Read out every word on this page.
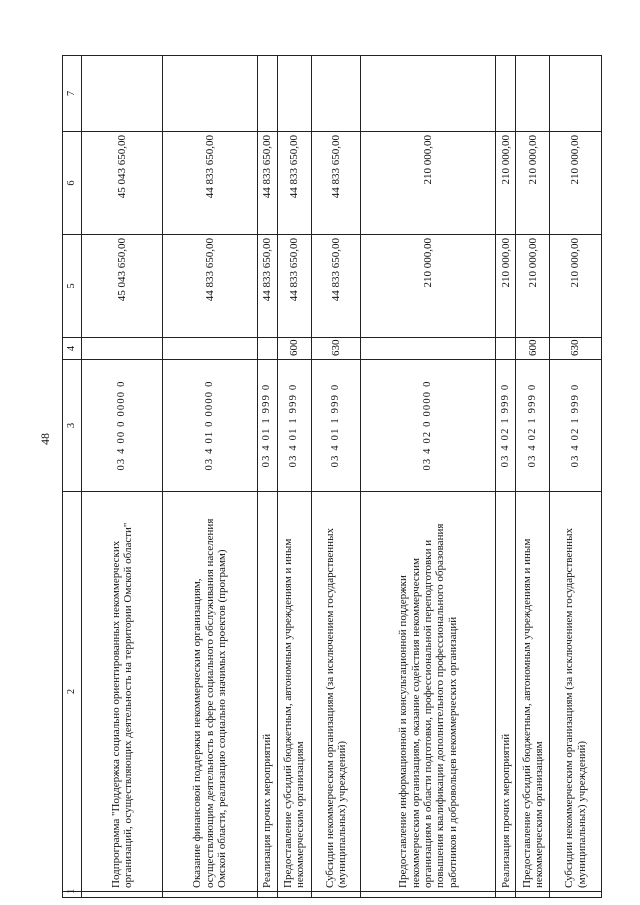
48
1	2	3	4	5	6	7
	Подпрограмма "Поддержка социально ориентированных некоммерческих организаций, осуществляющих деятельность на территории Омской области"	03 4 00 0 0000 0		45 043 650,00	45 043 650,00	
	Оказание финансовой поддержки некоммерческим организациям, осуществляющим деятельность в сфере социального обслуживания населения Омской области, реализацию социально значимых проектов (программ)	03 4 01 0 0000 0		44 833 650,00	44 833 650,00	
	Реализация прочих мероприятий	03 4 01 1 999 0		44 833 650,00	44 833 650,00	
	Предоставление субсидий бюджетным, автономным учреждениям и иным некоммерческим организациям	03 4 01 1 999 0	600	44 833 650,00	44 833 650,00	
	Субсидии некоммерческим организациям (за исключением государственных (муниципальных) учреждений)	03 4 01 1 999 0	630	44 833 650,00	44 833 650,00	
	Предоставление информационной и консультационной поддержки некоммерческим организациям, оказание содействия некоммерческим организациям в области подготовки, профессиональной переподготовки и повышения квалификации дополнительного профессионального образования работников и добровольцев некоммерческих организаций	03 4 02 0 0000 0		210 000,00	210 000,00	
	Реализация прочих мероприятий	03 4 02 1 999 0		210 000,00	210 000,00	
	Предоставление субсидий бюджетным, автономным учреждениям и иным некоммерческим организациям	03 4 02 1 999 0	600	210 000,00	210 000,00	
	Субсидии некоммерческим организациям (за исключением государственных (муниципальных) учреждений)	03 4 02 1 999 0	630	210 000,00	210 000,00	
